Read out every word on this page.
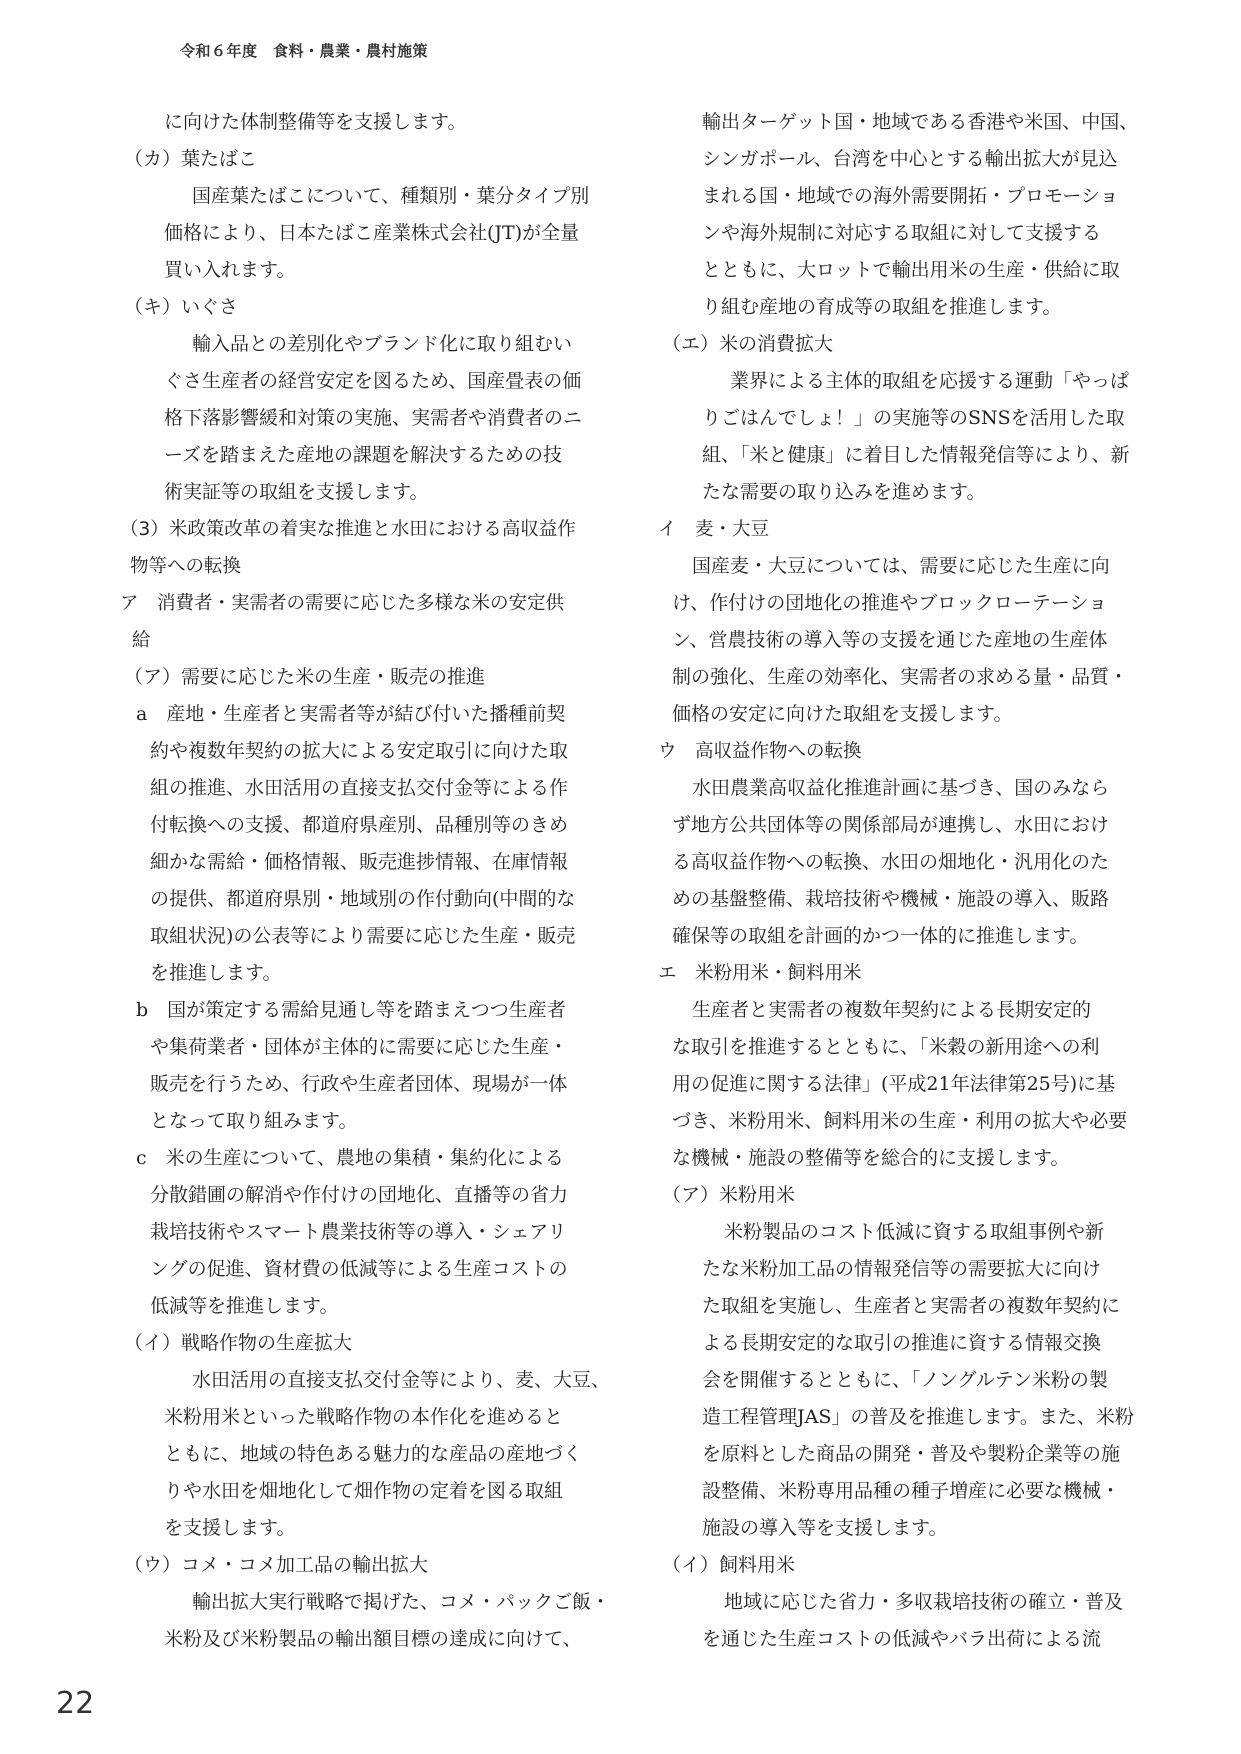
令和６年度　食料・農業・農村施策
に向けた体制整備等を支援します。
（カ）葉たばこ
国産葉たばこについて、種類別・葉分タイプ別
価格により、日本たばこ産業株式会社(JT)が全量
買い入れます。
（キ）いぐさ
輸入品との差別化やブランド化に取り組むい
ぐさ生産者の経営安定を図るため、国産畳表の価
格下落影響緩和対策の実施、実需者や消費者のニ
ーズを踏まえた産地の課題を解決するための技
術実証等の取組を支援します。
（3）米政策改革の着実な推進と水田における高収益作
物等への転換
ア　消費者・実需者の需要に応じた多様な米の安定供
給
（ア）需要に応じた米の生産・販売の推進
a　産地・生産者と実需者等が結び付いた播種前契
約や複数年契約の拡大による安定取引に向けた取
組の推進、水田活用の直接支払交付金等による作
付転換への支援、都道府県産別、品種別等のきめ
細かな需給・価格情報、販売進捗情報、在庫情報
の提供、都道府県別・地域別の作付動向(中間的な
取組状況)の公表等により需要に応じた生産・販売
を推進します。
b　国が策定する需給見通し等を踏まえつつ生産者
や集荷業者・団体が主体的に需要に応じた生産・
販売を行うため、行政や生産者団体、現場が一体
となって取り組みます。
c　米の生産について、農地の集積・集約化による
分散錯圃の解消や作付けの団地化、直播等の省力
栽培技術やスマート農業技術等の導入・シェアリ
ングの促進、資材費の低減等による生産コストの
低減等を推進します。
（イ）戦略作物の生産拡大
水田活用の直接支払交付金等により、麦、大豆、
米粉用米といった戦略作物の本作化を進めると
ともに、地域の特色ある魅力的な産品の産地づく
りや水田を畑地化して畑作物の定着を図る取組
を支援します。
（ウ）コメ・コメ加工品の輸出拡大
輸出拡大実行戦略で掲げた、コメ・パックご飯・
米粉及び米粉製品の輸出額目標の達成に向けて、
輸出ターゲット国・地域である香港や米国、中国、
シンガポール、台湾を中心とする輸出拡大が見込
まれる国・地域での海外需要開拓・プロモーショ
ンや海外規制に対応する取組に対して支援する
とともに、大ロットで輸出用米の生産・供給に取
り組む産地の育成等の取組を推進します。
（エ）米の消費拡大
業界による主体的取組を応援する運動「やっぱ
りごはんでしょ！」の実施等のSNSを活用した取
組、「米と健康」に着目した情報発信等により、新
たな需要の取り込みを進めます。
イ　麦・大豆
国産麦・大豆については、需要に応じた生産に向
け、作付けの団地化の推進やブロックローテーショ
ン、営農技術の導入等の支援を通じた産地の生産体
制の強化、生産の効率化、実需者の求める量・品質・
価格の安定に向けた取組を支援します。
ウ　高収益作物への転換
水田農業高収益化推進計画に基づき、国のみなら
ず地方公共団体等の関係部局が連携し、水田におけ
る高収益作物への転換、水田の畑地化・汎用化のた
めの基盤整備、栽培技術や機械・施設の導入、販路
確保等の取組を計画的かつ一体的に推進します。
エ　米粉用米・飼料用米
生産者と実需者の複数年契約による長期安定的
な取引を推進するとともに、「米穀の新用途への利
用の促進に関する法律」(平成21年法律第25号)に基
づき、米粉用米、飼料用米の生産・利用の拡大や必要
な機械・施設の整備等を総合的に支援します。
（ア）米粉用米
米粉製品のコスト低減に資する取組事例や新
たな米粉加工品の情報発信等の需要拡大に向け
た取組を実施し、生産者と実需者の複数年契約に
よる長期安定的な取引の推進に資する情報交換
会を開催するとともに、「ノングルテン米粉の製
造工程管理JAS」の普及を推進します。また、米粉
を原料とした商品の開発・普及や製粉企業等の施
設整備、米粉専用品種の種子増産に必要な機械・
施設の導入等を支援します。
（イ）飼料用米
地域に応じた省力・多収栽培技術の確立・普及
を通じた生産コストの低減やバラ出荷による流
22
